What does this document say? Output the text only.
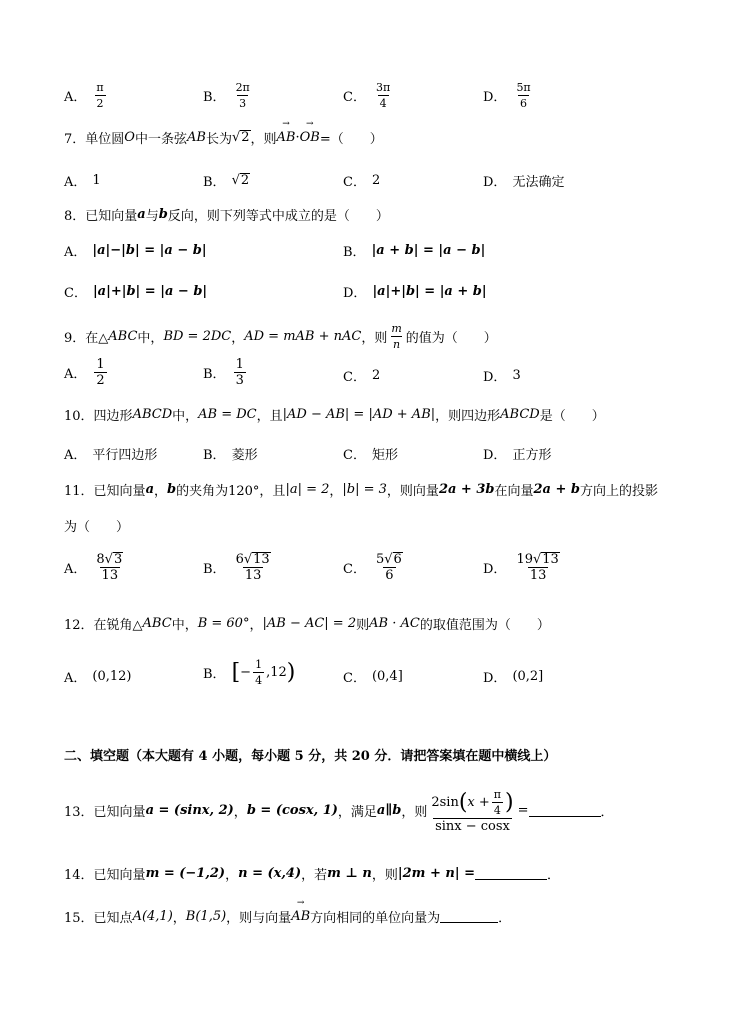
A． $\frac{\pi}{2}$	B． $\frac{2\pi}{3}$	C． $\frac{3\pi}{4}$	D． $\frac{5\pi}{6}$
7． 单位圆 O 中一条弦 AB 长为 √ 2 ，则 → AB · → OB =（　　）
A． 1	B． √ 2	C． 2	D． 无法确定
8． 已知向量 a 与 b 反向，则下列等式中成立的是（　　）
A． |a|−|b| = |a − b|	B． |a + b| = |a − b|
C． |a|+|b| = |a − b|	D． |a|+|b| = |a + b|
9． 在△ ABC 中， BD = 2DC ， AD = mAB + nAC ，则 $\frac{m}{n}$ 的值为（　　）
A． $\frac{1}{2}$	B． $\frac{1}{3}$	C． 2	D． 3
10． 四边形 ABCD 中， AB = DC ，且 |AD − AB| = |AD + AB| ，则四边形 ABCD 是（　　）
A． 平行四边形	B． 菱形	C． 矩形	D． 正方形
11． 已知向量 a ， b 的夹角为120°，且 |a| = 2 ， |b| = 3 ，则向量 2a + 3b 在向量 2a + b 方向上的投影
为（　　）
A． $\frac{8√ 3}{13}$	B． $\frac{6√ 13}{13}$	C． $\frac{5√ 6}{6}$	D． $\frac{19√ 13}{13}$
12． 在锐角△ ABC 中， B = 60° ， |AB − AC| = 2 则 AB · AC 的取值范围为（　　）
A． (0,12)	B． [ − $\frac{1}{4} ,12$ )	C． (0,4]	D． (0,2]
二、填空题（本大题有 4 小题，每小题 5 分，共 20 分．请把答案填在题中横线上）
13． 已知向量 a = (sinx, 2) ， b = (cosx, 1) ，满足 a∥b ，则 $\frac{2\sin ( x + \frac{\pi}{4} )}{\sin x - \cos x}$ =	．
14． 已知向量 m = (−1,2) ， n = (x,4) ，若 m ⊥ n ，则 |2m + n| =	．
15． 已知点 A(4,1) ， B(1,5) ，则与向量 → AB 方向相同的单位向量为	．
